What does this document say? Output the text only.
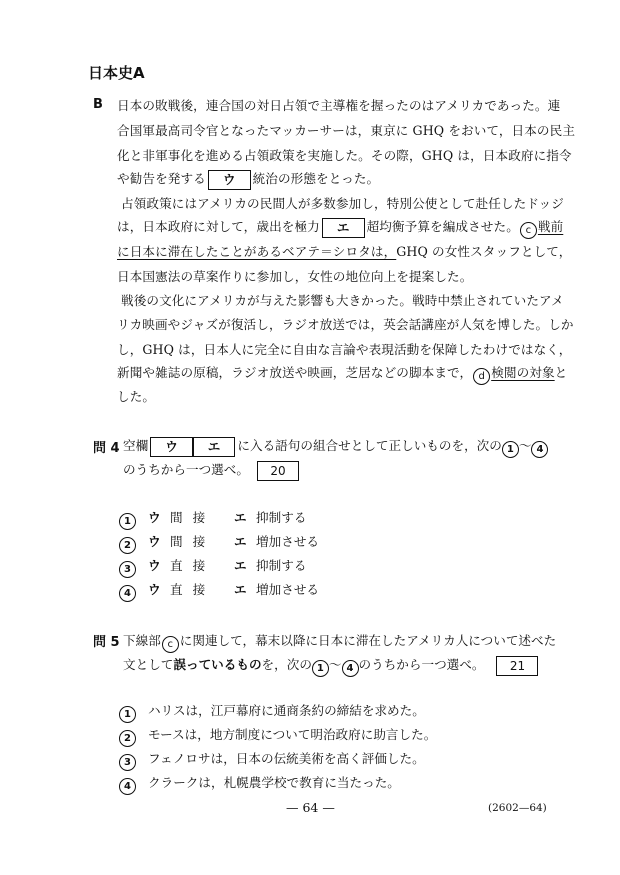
日本史A
B 日本の敗戦後，連合国の対日占領で主導権を握ったのはアメリカであった。連
合国軍最高司令官となったマッカーサーは，東京に GHQ をおいて，日本の民主
化と非軍事化を進める占領政策を実施した。その際，GHQ は，日本政府に指令
や勧告を発する ウ 統治の形態をとった。
占領政策にはアメリカの民間人が多数参加し，特別公使として赴任したドッジ
は，日本政府に対して，歳出を極力 エ 超均衡予算を編成させた。 c 戦前
に日本に滞在したことがあるベアテ＝シロタは，GHQ の女性スタッフとして，
日本国憲法の草案作りに参加し，女性の地位向上を提案した。
戦後の文化にアメリカが与えた影響も大きかった。戦時中禁止されていたアメ
リカ映画やジャズが復活し，ラジオ放送では，英会話講座が人気を博した。しか
し，GHQ は，日本人に完全に自由な言論や表現活動を保障したわけではなく，
新聞や雑誌の原稿，ラジオ放送や映画，芝居などの脚本まで， d 検閲の対象と
した。
問 4 空欄 ウ エ に入る語句の組合せとして正しいものを，次の 1 ～ 4
のうちから一つ選べ。 20
1 ウ 間接 エ 抑制する
2 ウ 間接 エ 増加させる
3 ウ 直接 エ 抑制する
4 ウ 直接 エ 増加させる
問 5 下線部 c に関連して，幕末以降に日本に滞在したアメリカ人について述べた
文として誤っているものを，次の 1 ～ 4 のうちから一つ選べ。 21
1 ハリスは，江戸幕府に通商条約の締結を求めた。
2 モースは，地方制度について明治政府に助言した。
3 フェノロサは，日本の伝統美術を高く評価した。
4 クラークは，札幌農学校で教育に当たった。
— 64 —	(2602—64)
